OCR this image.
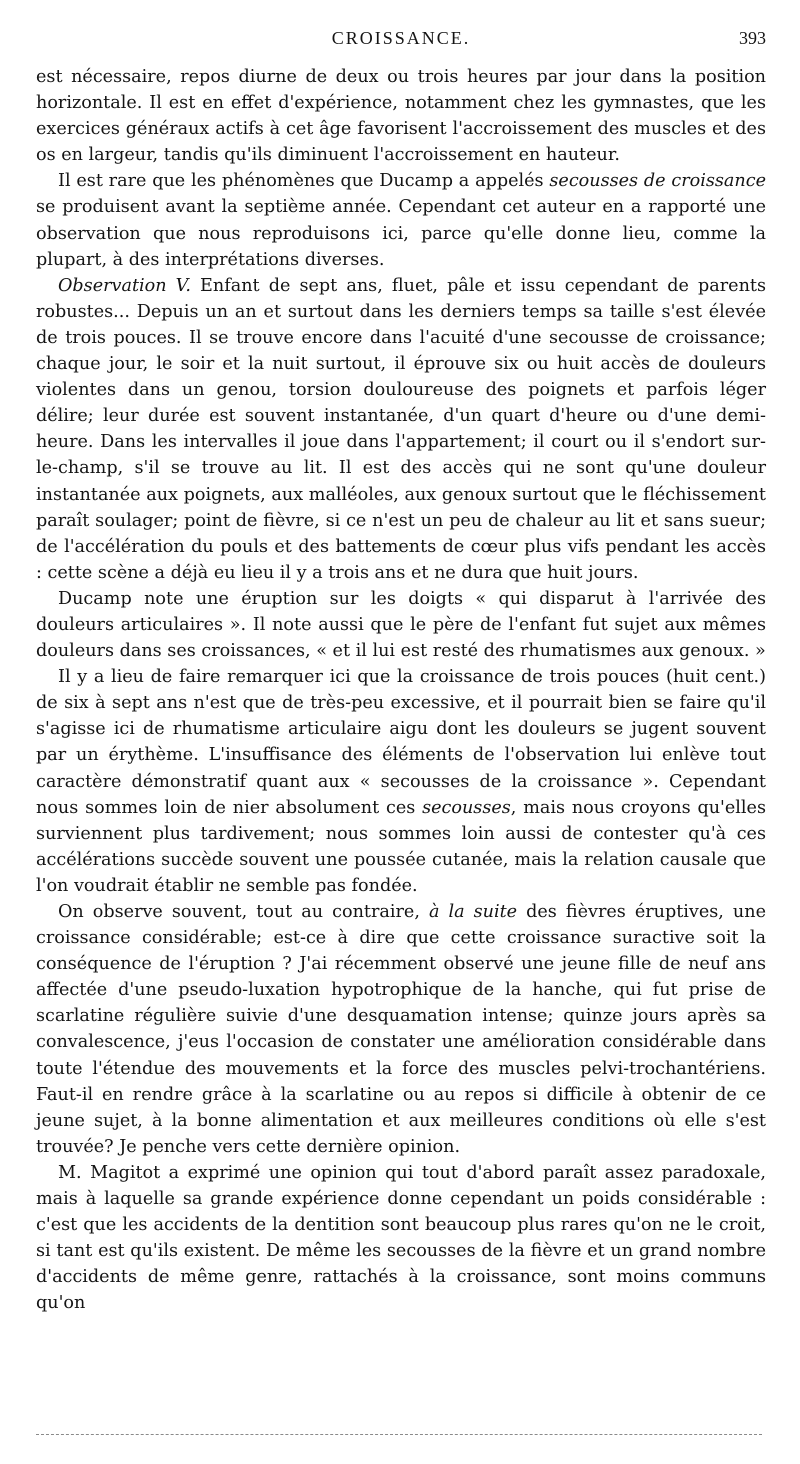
CROISSANCE.	393

est nécessaire, repos diurne de deux ou trois heures par jour dans la position horizontale. Il est en effet d'expérience, notamment chez les gymnastes, que les exercices généraux actifs à cet âge favorisent l'accroissement des muscles et des os en largeur, tandis qu'ils diminuent l'accroissement en hauteur.

Il est rare que les phénomènes que Ducamp a appelés secousses de croissance se produisent avant la septième année. Cependant cet auteur en a rapporté une observation que nous reproduisons ici, parce qu'elle donne lieu, comme la plupart, à des interprétations diverses.

Observation V. Enfant de sept ans, fluet, pâle et issu cependant de parents robustes... Depuis un an et surtout dans les derniers temps sa taille s'est élevée de trois pouces. Il se trouve encore dans l'acuité d'une secousse de croissance; chaque jour, le soir et la nuit surtout, il éprouve six ou huit accès de douleurs violentes dans un genou, torsion douloureuse des poignets et parfois léger délire; leur durée est souvent instantanée, d'un quart d'heure ou d'une demi-heure. Dans les intervalles il joue dans l'appartement; il court ou il s'endort sur-le-champ, s'il se trouve au lit. Il est des accès qui ne sont qu'une douleur instantanée aux poignets, aux malléoles, aux genoux surtout que le fléchissement paraît soulager; point de fièvre, si ce n'est un peu de chaleur au lit et sans sueur; de l'accélération du pouls et des battements de cœur plus vifs pendant les accès : cette scène a déjà eu lieu il y a trois ans et ne dura que huit jours.

Ducamp note une éruption sur les doigts « qui disparut à l'arrivée des douleurs articulaires ». Il note aussi que le père de l'enfant fut sujet aux mêmes douleurs dans ses croissances, « et il lui est resté des rhumatismes aux genoux. »

Il y a lieu de faire remarquer ici que la croissance de trois pouces (huit cent.) de six à sept ans n'est que de très-peu excessive, et il pourrait bien se faire qu'il s'agisse ici de rhumatisme articulaire aigu dont les douleurs se jugent souvent par un érythème. L'insuffisance des éléments de l'observation lui enlève tout caractère démonstratif quant aux « secousses de la croissance ». Cependant nous sommes loin de nier absolument ces secousses, mais nous croyons qu'elles surviennent plus tardivement; nous sommes loin aussi de contester qu'à ces accélérations succède souvent une poussée cutanée, mais la relation causale que l'on voudrait établir ne semble pas fondée.

On observe souvent, tout au contraire, à la suite des fièvres éruptives, une croissance considérable; est-ce à dire que cette croissance suractive soit la conséquence de l'éruption ? J'ai récemment observé une jeune fille de neuf ans affectée d'une pseudo-luxation hypotrophique de la hanche, qui fut prise de scarlatine régulière suivie d'une desquamation intense; quinze jours après sa convalescence, j'eus l'occasion de constater une amélioration considérable dans toute l'étendue des mouvements et la force des muscles pelvi-trochantériens. Faut-il en rendre grâce à la scarlatine ou au repos si difficile à obtenir de ce jeune sujet, à la bonne alimentation et aux meilleures conditions où elle s'est trouvée? Je penche vers cette dernière opinion.

M. Magitot a exprimé une opinion qui tout d'abord paraît assez paradoxale, mais à laquelle sa grande expérience donne cependant un poids considérable : c'est que les accidents de la dentition sont beaucoup plus rares qu'on ne le croit, si tant est qu'ils existent. De même les secousses de la fièvre et un grand nombre d'accidents de même genre, rattachés à la croissance, sont moins communs qu'on
